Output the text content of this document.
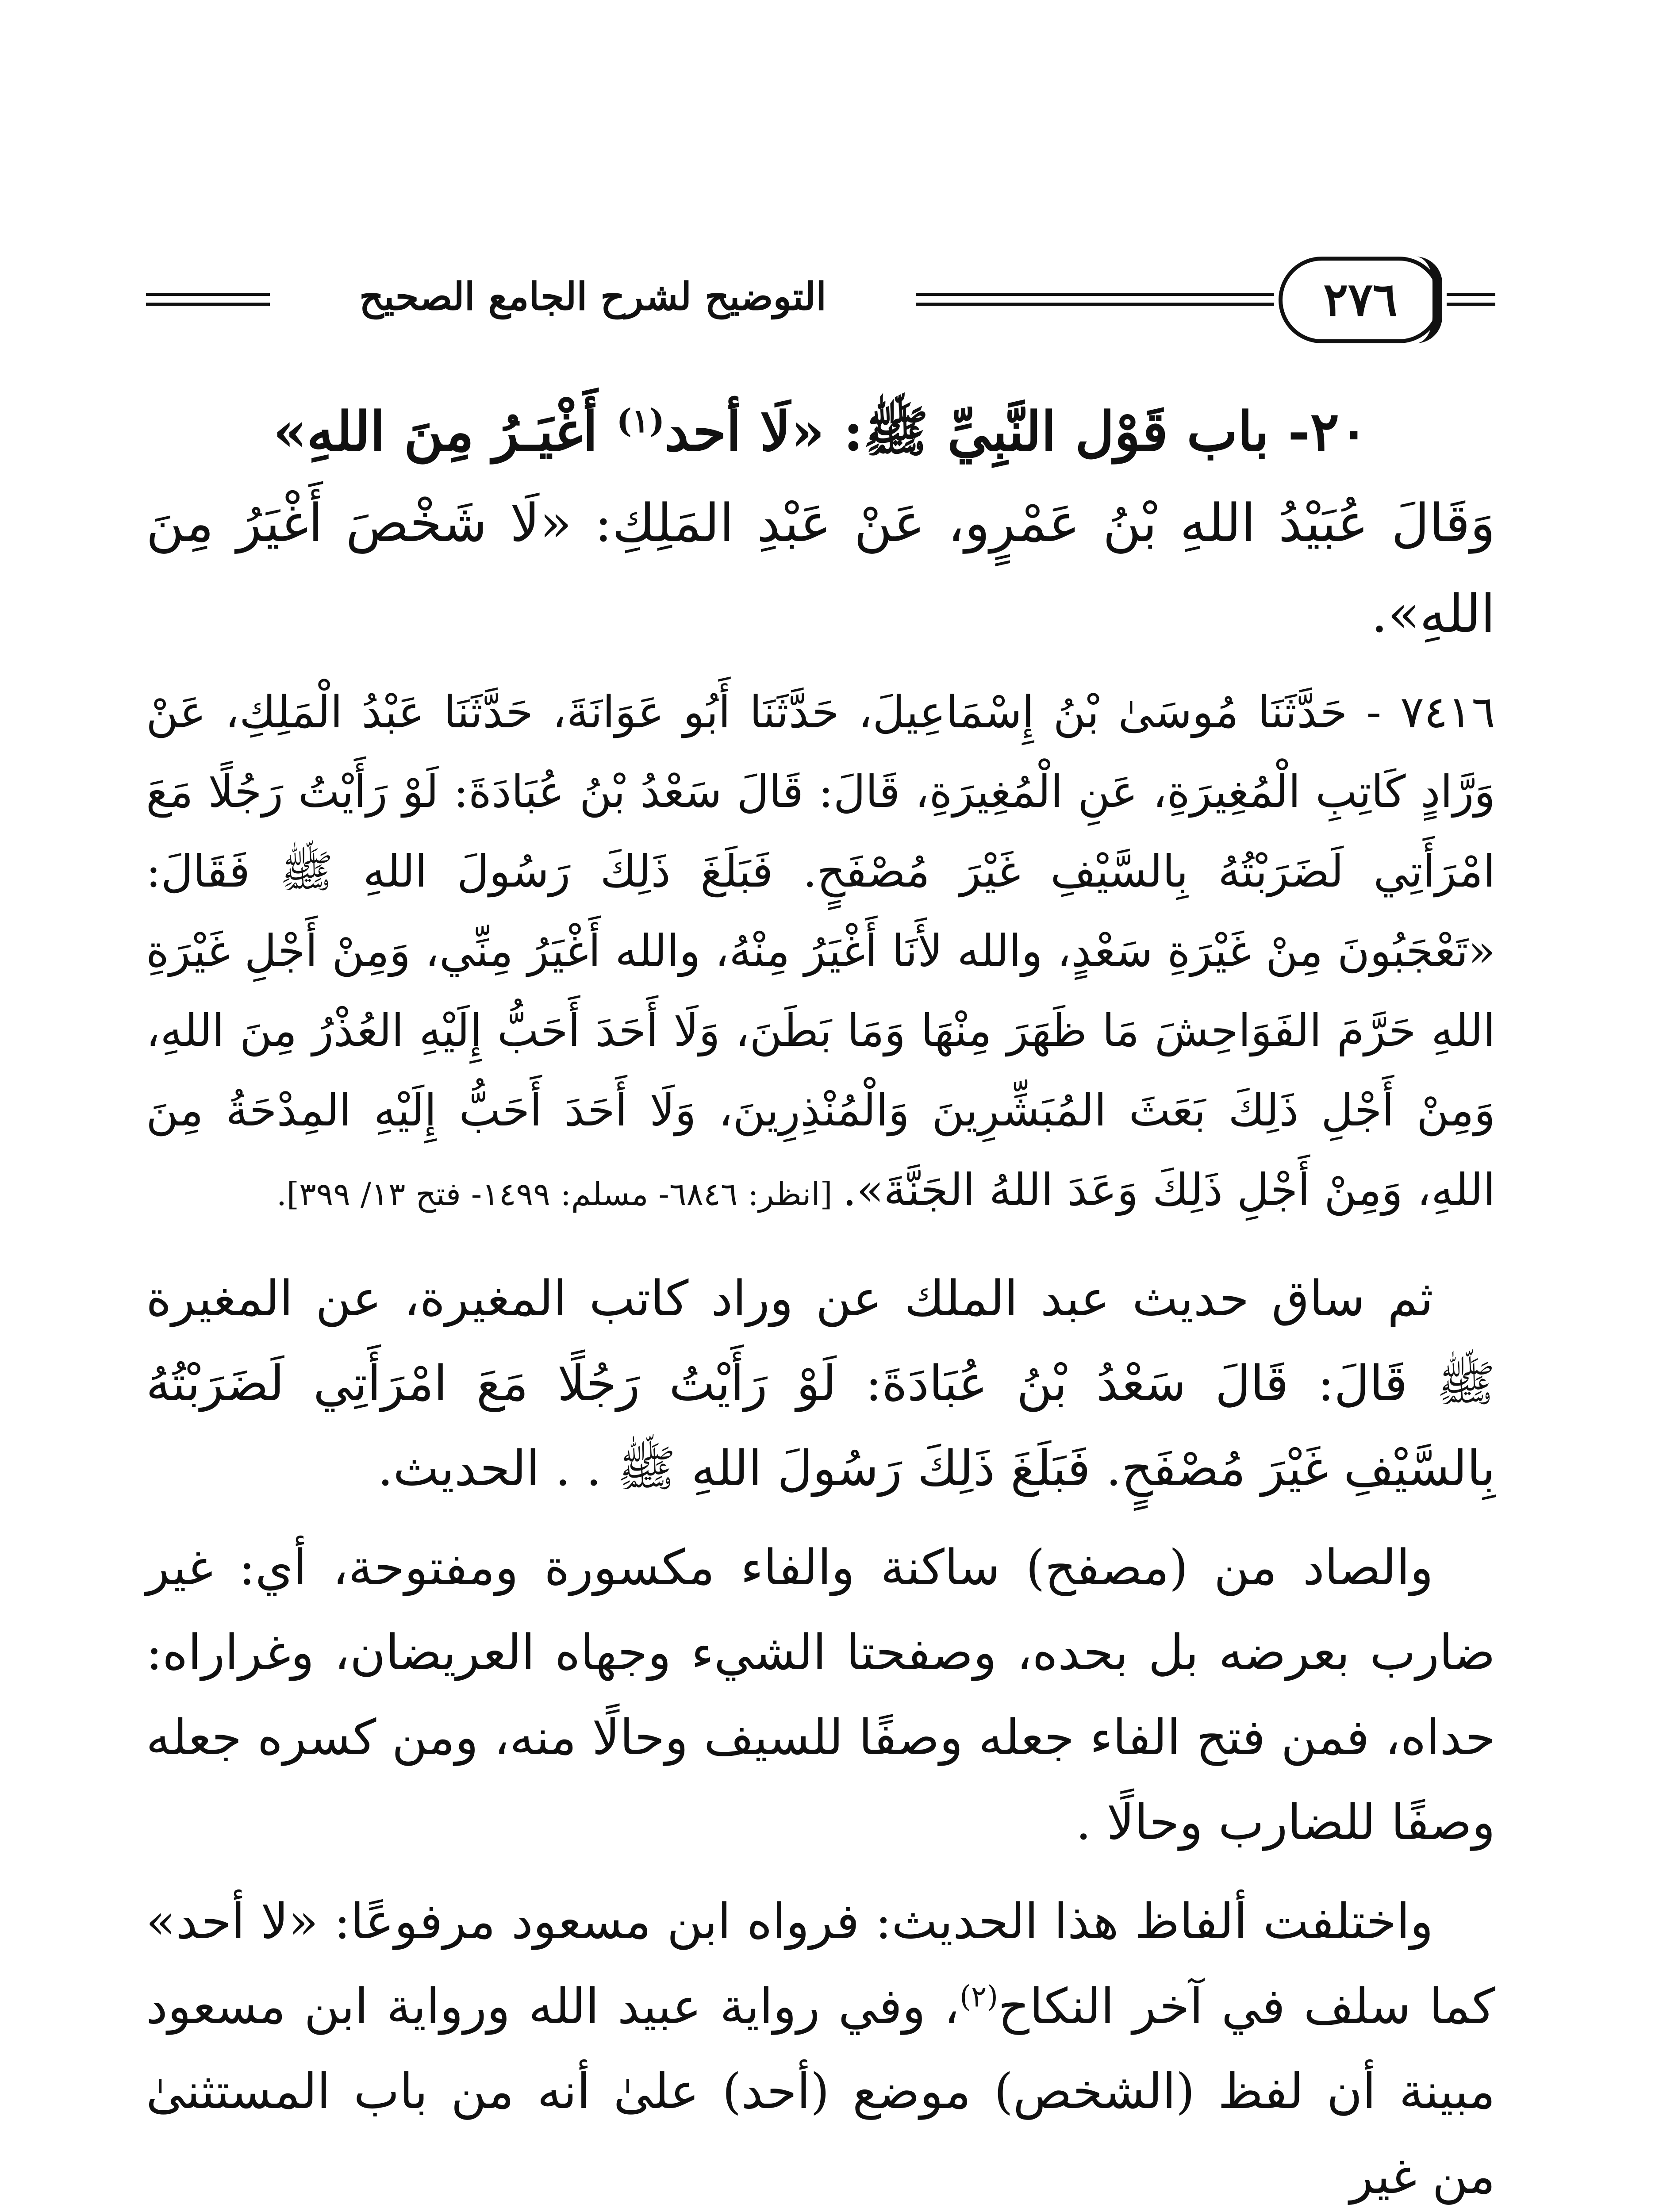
التوضيح لشرح الجامع الصحيح	٢٧٦
٢٠- باب قَوْل النَّبِيِّ ﷺ: «لَا أحد$^{(١)}$ أَغْيَـرُ مِنَ اللهِ»

وَقَالَ عُبَيْدُ اللهِ بْنُ عَمْرٍو، عَنْ عَبْدِ المَلِكِ: «لَا شَخْصَ أَغْيَرُ مِنَ اللهِ».

٧٤١٦ - حَدَّثَنَا مُوسَىٰ بْنُ إِسْمَاعِيلَ، حَدَّثَنَا أَبُو عَوَانَةَ، حَدَّثَنَا عَبْدُ الْمَلِكِ، عَنْ وَرَّادٍ كَاتِبِ الْمُغِيرَةِ، عَنِ الْمُغِيرَةِ، قَالَ: قَالَ سَعْدُ بْنُ عُبَادَةَ: لَوْ رَأَيْتُ رَجُلًا مَعَ امْرَأَتِي لَضَرَبْتُهُ بِالسَّيْفِ غَيْرَ مُصْفَحٍ. فَبَلَغَ ذَلِكَ رَسُولَ اللهِ ﷺ فَقَالَ: «تَعْجَبُونَ مِنْ غَيْرَةِ سَعْدٍ، والله لأَنَا أَغْيَرُ مِنْهُ، والله أَغْيَرُ مِنِّي، وَمِنْ أَجْلِ غَيْرَةِ اللهِ حَرَّمَ الفَوَاحِشَ مَا ظَهَرَ مِنْهَا وَمَا بَطَنَ، وَلَا أَحَدَ أَحَبُّ إِلَيْهِ العُذْرُ مِنَ اللهِ، وَمِنْ أَجْلِ ذَلِكَ بَعَثَ المُبَشِّرِينَ وَالْمُنْذِرِينَ، وَلَا أَحَدَ أَحَبُّ إِلَيْهِ المِدْحَةُ مِنَ اللهِ، وَمِنْ أَجْلِ ذَلِكَ وَعَدَ اللهُ الجَنَّةَ». [انظر: ٦٨٤٦- مسلم: ١٤٩٩- فتح ١٣/ ٣٩٩].

ثم ساق حديث عبد الملك عن وراد كاتب المغيرة، عن المغيرة ﷺ قَالَ: قَالَ سَعْدُ بْنُ عُبَادَةَ: لَوْ رَأَيْتُ رَجُلًا مَعَ امْرَأَتِي لَضَرَبْتُهُ بِالسَّيْفِ غَيْرَ مُصْفَحٍ. فَبَلَغَ ذَلِكَ رَسُولَ اللهِ ﷺ . . الحديث.

والصاد من (مصفح) ساكنة والفاء مكسورة ومفتوحة، أي: غير ضارب بعرضه بل بحده، وصفحتا الشيء وجهاه العريضان، وغراراه: حداه، فمن فتح الفاء جعله وصفًا للسيف وحالًا منه، ومن كسره جعله وصفًا للضارب وحالًا .

واختلفت ألفاظ هذا الحديث: فرواه ابن مسعود مرفوعًا: «لا أحد» كما سلف في آخر النكاح$^{(٢)}$، وفي رواية عبيد الله ورواية ابن مسعود مبينة أن لفظ (الشخص) موضع (أحد) علىٰ أنه من باب المستثنىٰ من غير
